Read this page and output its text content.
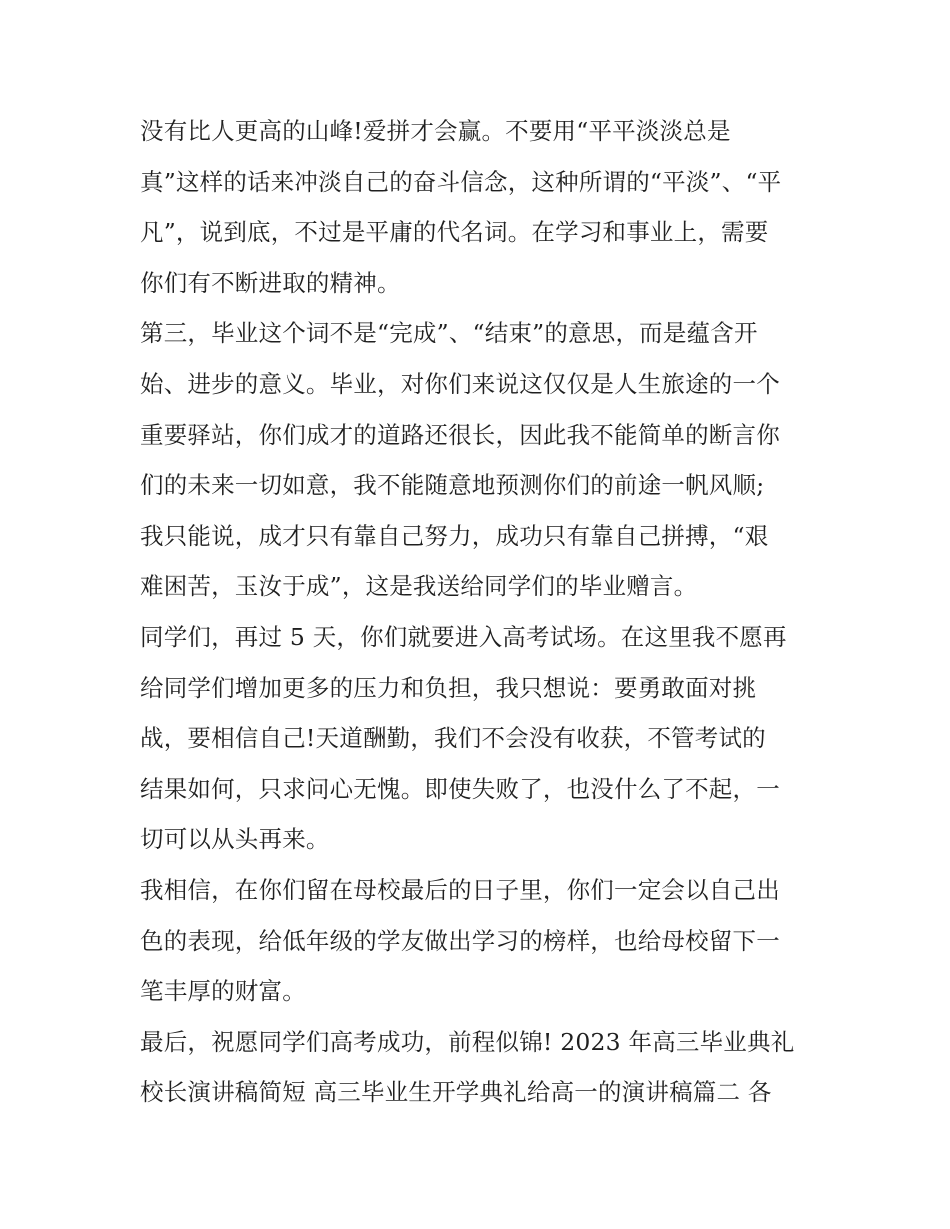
没有比人更高的山峰!爱拼才会赢。不要用“平平淡淡总是
真”这样的话来冲淡自己的奋斗信念，这种所谓的“平淡”、“平
凡”，说到底，不过是平庸的代名词。在学习和事业上，需要
你们有不断进取的精神。
第三，毕业这个词不是“完成”、“结束”的意思，而是蕴含开
始、进步的意义。毕业，对你们来说这仅仅是人生旅途的一个
重要驿站，你们成才的道路还很长，因此我不能简单的断言你
们的未来一切如意，我不能随意地预测你们的前途一帆风顺;
我只能说，成才只有靠自己努力，成功只有靠自己拼搏，“艰
难困苦，玉汝于成”，这是我送给同学们的毕业赠言。
同学们，再过 5 天，你们就要进入高考试场。在这里我不愿再
给同学们增加更多的压力和负担，我只想说：要勇敢面对挑
战，要相信自己!天道酬勤，我们不会没有收获，不管考试的
结果如何，只求问心无愧。即使失败了，也没什么了不起，一
切可以从头再来。
我相信，在你们留在母校最后的日子里，你们一定会以自己出
色的表现，给低年级的学友做出学习的榜样，也给母校留下一
笔丰厚的财富。
最后，祝愿同学们高考成功，前程似锦! 2023 年高三毕业典礼
校长演讲稿简短 高三毕业生开学典礼给高一的演讲稿篇二 各
